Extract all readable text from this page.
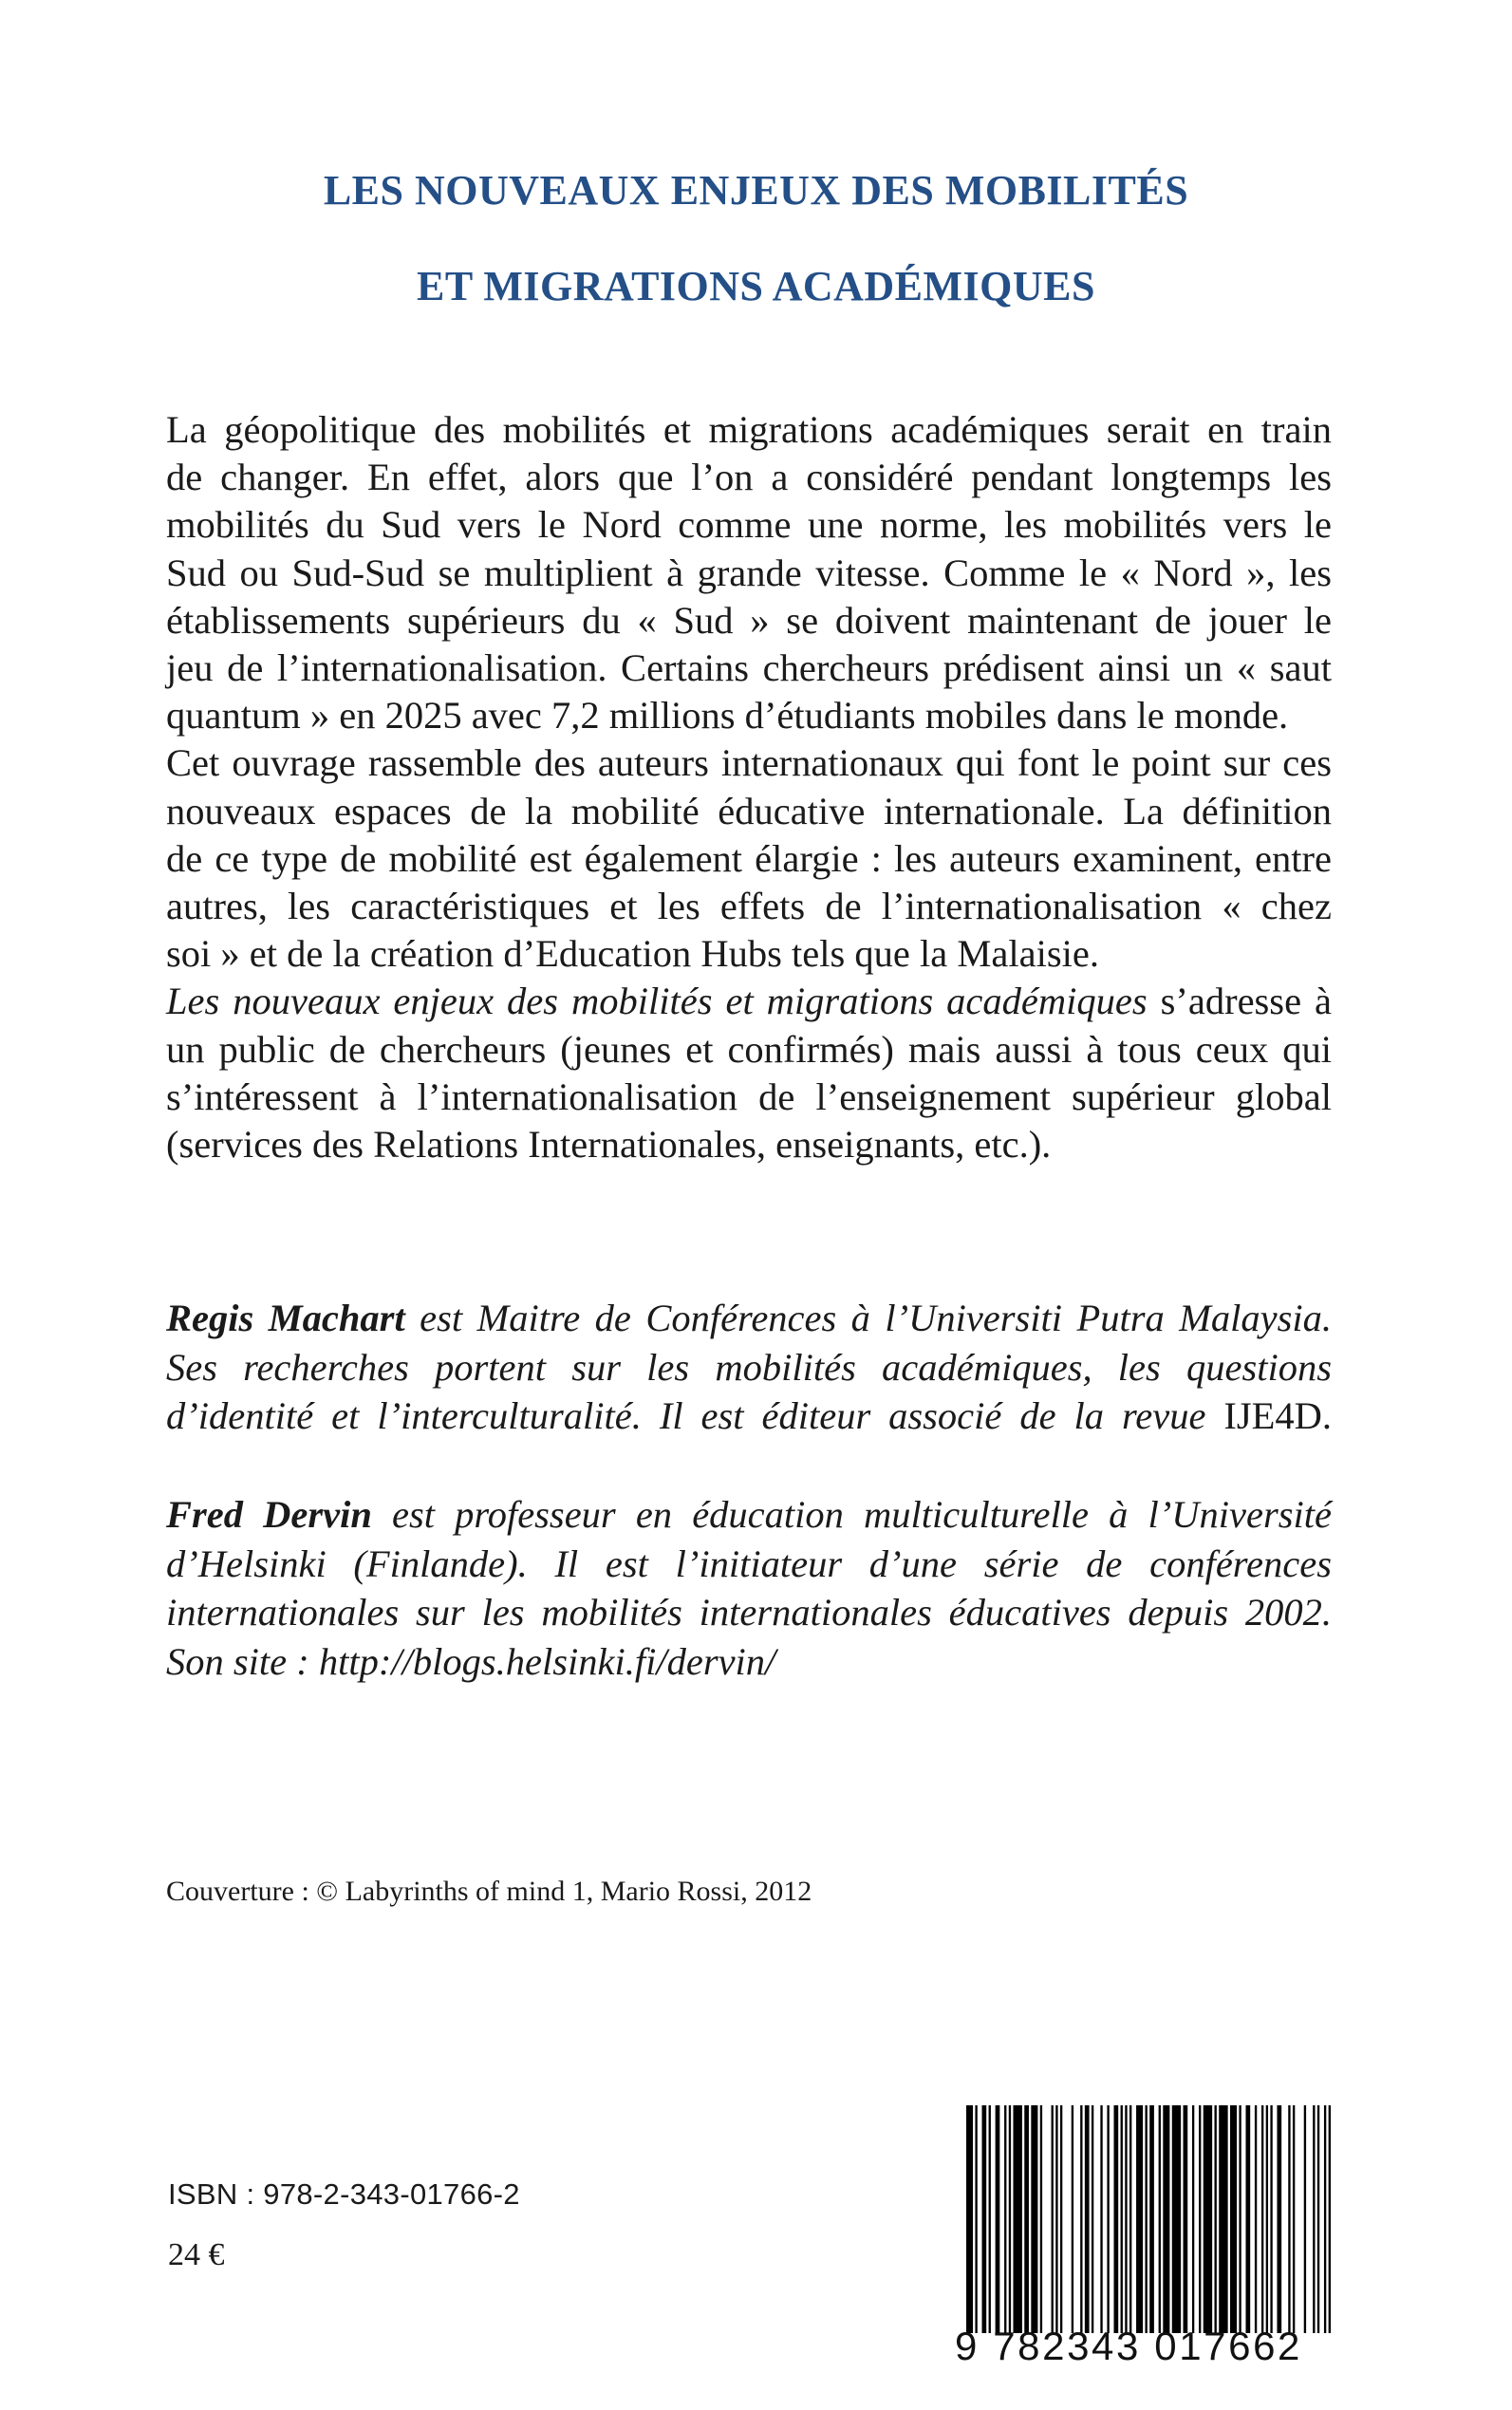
LES NOUVEAUX ENJEUX DES MOBILITÉS
ET MIGRATIONS ACADÉMIQUES
La géopolitique des mobilités et migrations académiques serait en train
de changer. En effet, alors que l’on a considéré pendant longtemps les
mobilités du Sud vers le Nord comme une norme, les mobilités vers le
Sud ou Sud-Sud se multiplient à grande vitesse. Comme le « Nord », les
établissements supérieurs du « Sud » se doivent maintenant de jouer le
jeu de l’internationalisation. Certains chercheurs prédisent ainsi un « saut
quantum » en 2025 avec 7,2 millions d’étudiants mobiles dans le monde.
Cet ouvrage rassemble des auteurs internationaux qui font le point sur ces
nouveaux espaces de la mobilité éducative internationale. La définition
de ce type de mobilité est également élargie : les auteurs examinent, entre
autres, les caractéristiques et les effets de l’internationalisation « chez
soi » et de la création d’Education Hubs tels que la Malaisie.
Les nouveaux enjeux des mobilités et migrations académiques s’adresse à
un public de chercheurs (jeunes et confirmés) mais aussi à tous ceux qui
s’intéressent à l’internationalisation de l’enseignement supérieur global
(services des Relations Internationales, enseignants, etc.).
Regis Machart est Maitre de Conférences à l’Universiti Putra Malaysia.
Ses recherches portent sur les mobilités académiques, les questions
d’identité et l’interculturalité. Il est éditeur associé de la revue IJE4D.
Fred Dervin est professeur en éducation multiculturelle à l’Université
d’Helsinki (Finlande). Il est l’initiateur d’une série de conférences
internationales sur les mobilités internationales éducatives depuis 2002.
Son site : http://blogs.helsinki.fi/dervin/
Couverture : © Labyrinths of mind 1, Mario Rossi, 2012
ISBN : 978-2-343-01766-2
24 €
9 782343 017662
